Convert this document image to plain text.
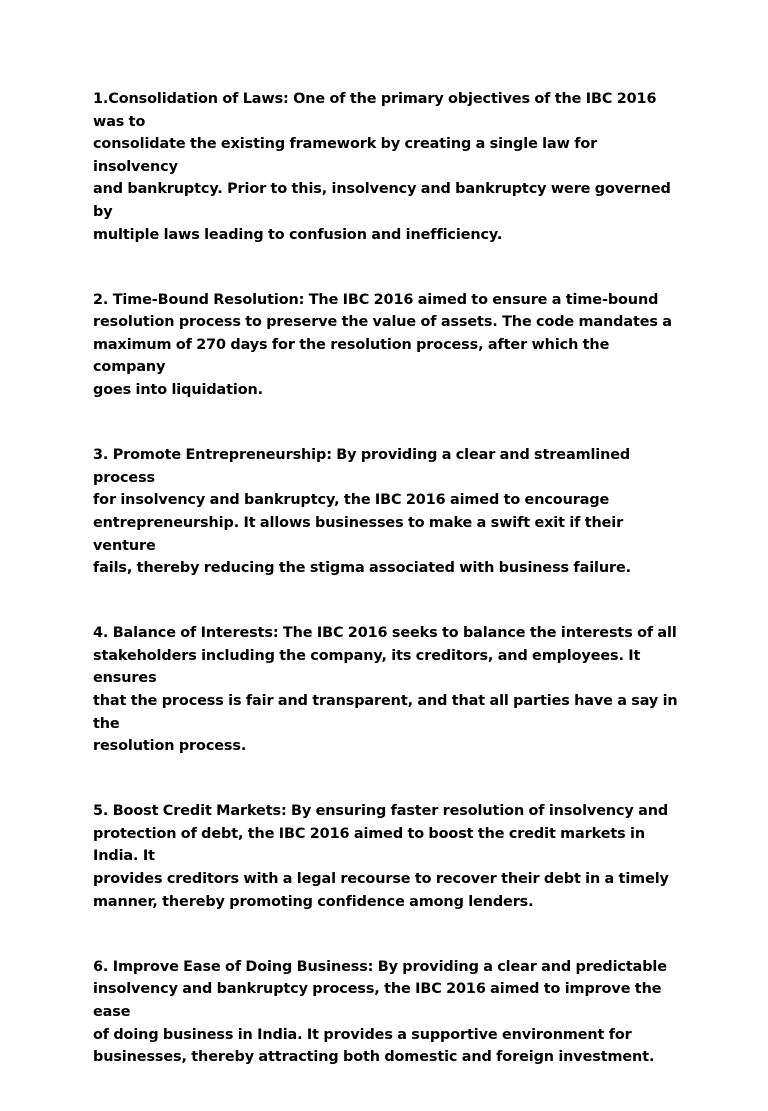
1.Consolidation of Laws: One of the primary objectives of the IBC 2016 was to
consolidate the existing framework by creating a single law for insolvency
and bankruptcy. Prior to this, insolvency and bankruptcy were governed by
multiple laws leading to confusion and inefficiency.

2. Time-Bound Resolution: The IBC 2016 aimed to ensure a time-bound
resolution process to preserve the value of assets. The code mandates a
maximum of 270 days for the resolution process, after which the company
goes into liquidation.

3. Promote Entrepreneurship: By providing a clear and streamlined process
for insolvency and bankruptcy, the IBC 2016 aimed to encourage
entrepreneurship. It allows businesses to make a swift exit if their venture
fails, thereby reducing the stigma associated with business failure.

4. Balance of Interests: The IBC 2016 seeks to balance the interests of all
stakeholders including the company, its creditors, and employees. It ensures
that the process is fair and transparent, and that all parties have a say in the
resolution process.

5. Boost Credit Markets: By ensuring faster resolution of insolvency and
protection of debt, the IBC 2016 aimed to boost the credit markets in India. It
provides creditors with a legal recourse to recover their debt in a timely
manner, thereby promoting confidence among lenders.

6. Improve Ease of Doing Business: By providing a clear and predictable
insolvency and bankruptcy process, the IBC 2016 aimed to improve the ease
of doing business in India. It provides a supportive environment for
businesses, thereby attracting both domestic and foreign investment.
